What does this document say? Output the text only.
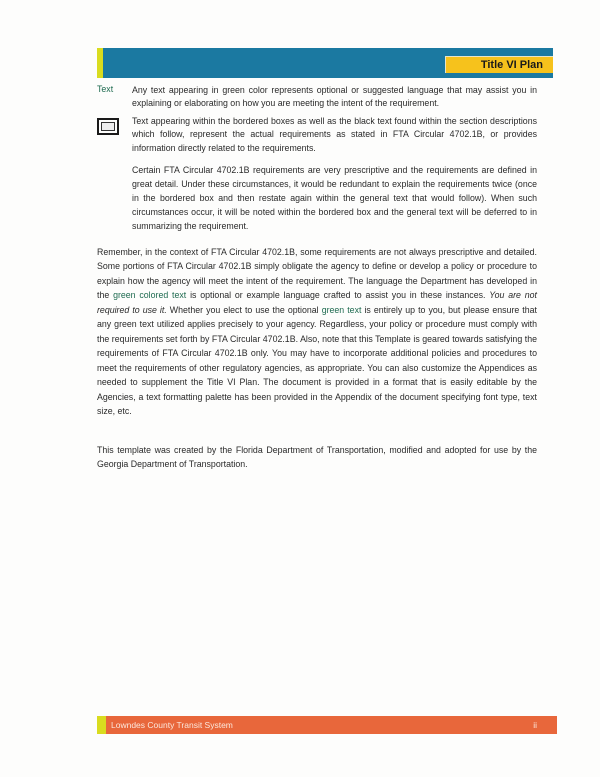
Title VI Plan
Text Any text appearing in green color represents optional or suggested language that may assist you in explaining or elaborating on how you are meeting the intent of the requirement.

Text appearing within the bordered boxes as well as the black text found within the section descriptions which follow, represent the actual requirements as stated in FTA Circular 4702.1B, or provides information directly related to the requirements.

Certain FTA Circular 4702.1B requirements are very prescriptive and the requirements are defined in great detail. Under these circumstances, it would be redundant to explain the requirements twice (once in the bordered box and then restate again within the general text that would follow). When such circumstances occur, it will be noted within the bordered box and the general text will be deferred to in summarizing the requirement.

Remember, in the context of FTA Circular 4702.1B, some requirements are not always prescriptive and detailed. Some portions of FTA Circular 4702.1B simply obligate the agency to define or develop a policy or procedure to explain how the agency will meet the intent of the requirement. The language the Department has developed in the green colored text is optional or example language crafted to assist you in these instances. You are not required to use it. Whether you elect to use the optional green text is entirely up to you, but please ensure that any green text utilized applies precisely to your agency. Regardless, your policy or procedure must comply with the requirements set forth by FTA Circular 4702.1B. Also, note that this Template is geared towards satisfying the requirements of FTA Circular 4702.1B only. You may have to incorporate additional policies and procedures to meet the requirements of other regulatory agencies, as appropriate. You can also customize the Appendices as needed to supplement the Title VI Plan. The document is provided in a format that is easily editable by the Agencies, a text formatting palette has been provided in the Appendix of the document specifying font type, text size, etc.

This template was created by the Florida Department of Transportation, modified and adopted for use by the Georgia Department of Transportation.

Lowndes County Transit System	ii
